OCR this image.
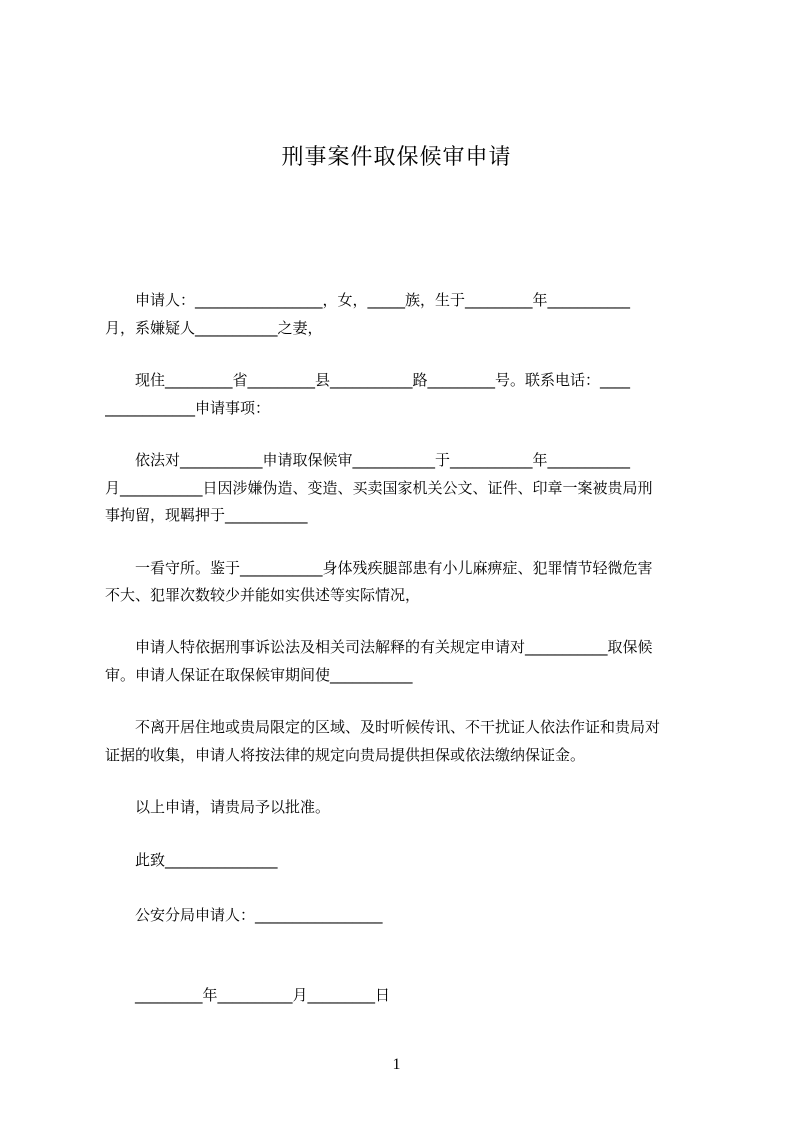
刑事案件取保候审申请
　　申请人：_________________，女，_____族，生于_________年___________
月，系嫌疑人___________之妻，
　　现住_________省_________县___________路_________号。联系电话：____
____________申请事项：
　　依法对___________申请取保候审___________于___________年___________
月___________日因涉嫌伪造、变造、买卖国家机关公文、证件、印章一案被贵局刑
事拘留，现羁押于___________
　　一看守所。鉴于___________身体残疾腿部患有小儿麻痹症、犯罪情节轻微危害
不大、犯罪次数较少并能如实供述等实际情况，
　　申请人特依据刑事诉讼法及相关司法解释的有关规定申请对___________取保候
审。申请人保证在取保候审期间使___________
　　不离开居住地或贵局限定的区域、及时听候传讯、不干扰证人依法作证和贵局对
证据的收集，申请人将按法律的规定向贵局提供担保或依法缴纳保证金。
　　以上申请，请贵局予以批准。
　　此致_______________
　　公安分局申请人：_________________
　　_________年__________月_________日
1
